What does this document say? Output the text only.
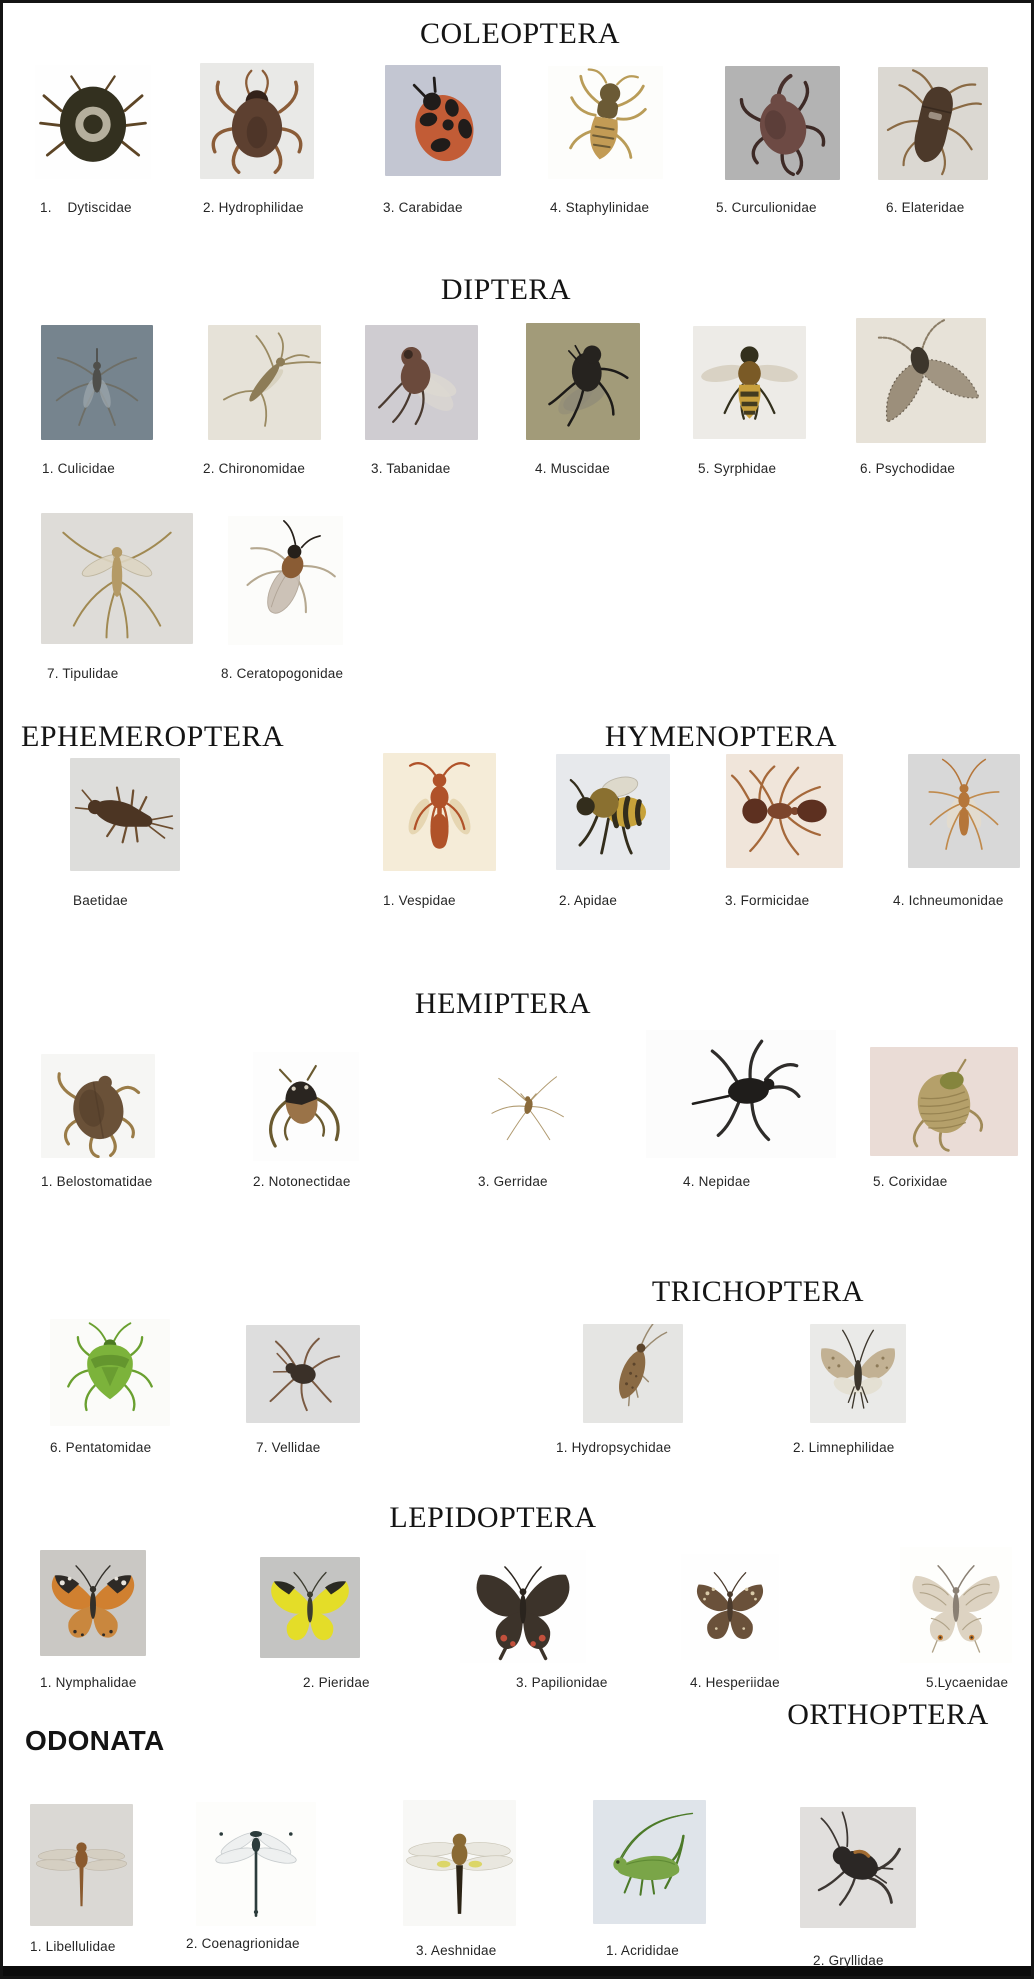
COLEOPTERA
1.    Dytiscidae	2. Hydrophilidae	3. Carabidae	4. Staphylinidae	5. Curculionidae	6. Elateridae
DIPTERA
1. Culicidae	2. Chironomidae	3. Tabanidae	4. Muscidae	5. Syrphidae	6. Psychodidae
7. Tipulidae	8. Ceratopogonidae
EPHEMEROPTERA
Baetidae
HYMENOPTERA
1. Vespidae	2. Apidae	3. Formicidae	4. Ichneumonidae
HEMIPTERA
1. Belostomatidae	2. Notonectidae	3. Gerridae	4. Nepidae	5. Corixidae
6. Pentatomidae	7. Vellidae
TRICHOPTERA
1. Hydropsychidae	2. Limnephilidae
LEPIDOPTERA
1. Nymphalidae	2. Pieridae	3. Papilionidae	4. Hesperiidae	5.Lycaenidae
ODONATA
1. Libellulidae	2. Coenagrionidae	3. Aeshnidae
ORTHOPTERA
1. Acrididae
2. Gryllidae
